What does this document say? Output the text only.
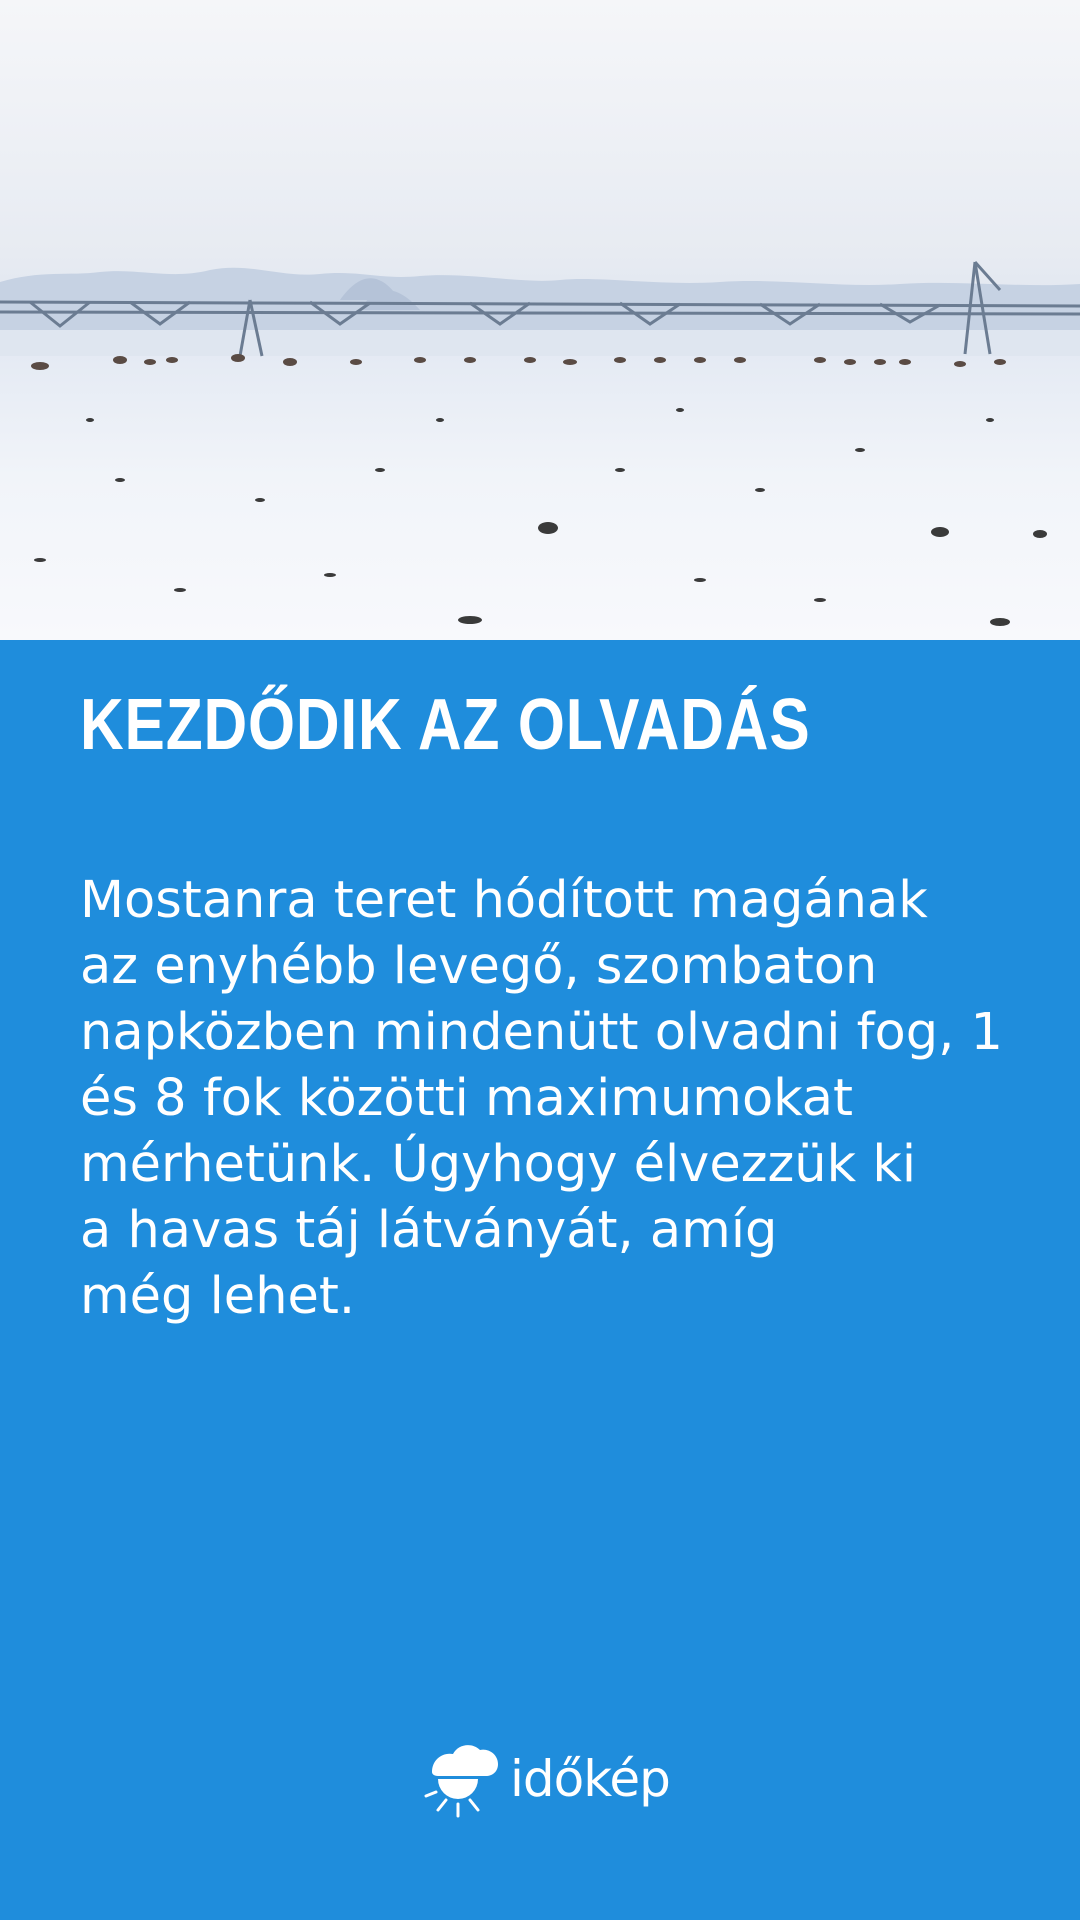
KEZDŐDIK AZ OLVADÁS
Mostanra teret hódított magának
az enyhébb levegő, szombaton
napközben mindenütt olvadni fog, 1
és 8 fok közötti maximumokat
mérhetünk. Úgyhogy élvezzük ki
a havas táj látványát, amíg
még lehet.
időkép
